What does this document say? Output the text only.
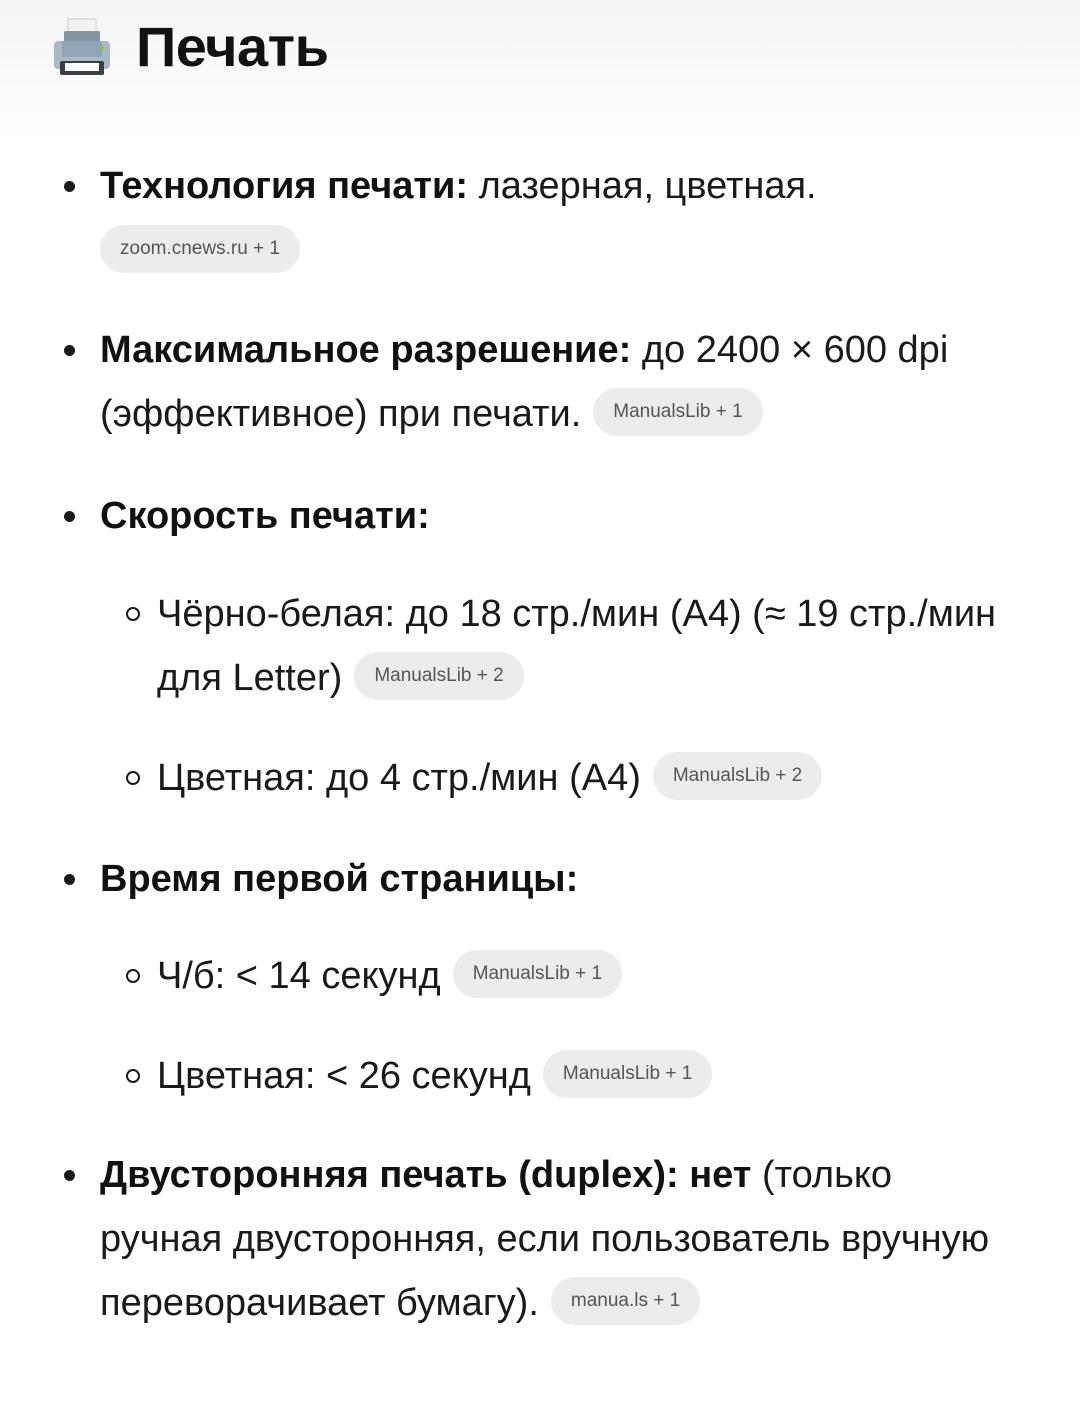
Печать
Технология печати: лазерная, цветная.
zoom.cnews.ru + 1
Максимальное разрешение: до 2400 × 600 dpi (эффективное) при печати. ManualsLib + 1
Скорость печати:
Чёрно-белая: до 18 стр./мин (А4) (≈ 19 стр./мин для Letter) ManualsLib + 2
Цветная: до 4 стр./мин (А4) ManualsLib + 2
Время первой страницы:
Ч/б: < 14 секунд ManualsLib + 1
Цветная: < 26 секунд ManualsLib + 1
Двусторонняя печать (duplex): нет (только ручная двусторонняя, если пользователь вручную переворачивает бумагу). manua.ls + 1
